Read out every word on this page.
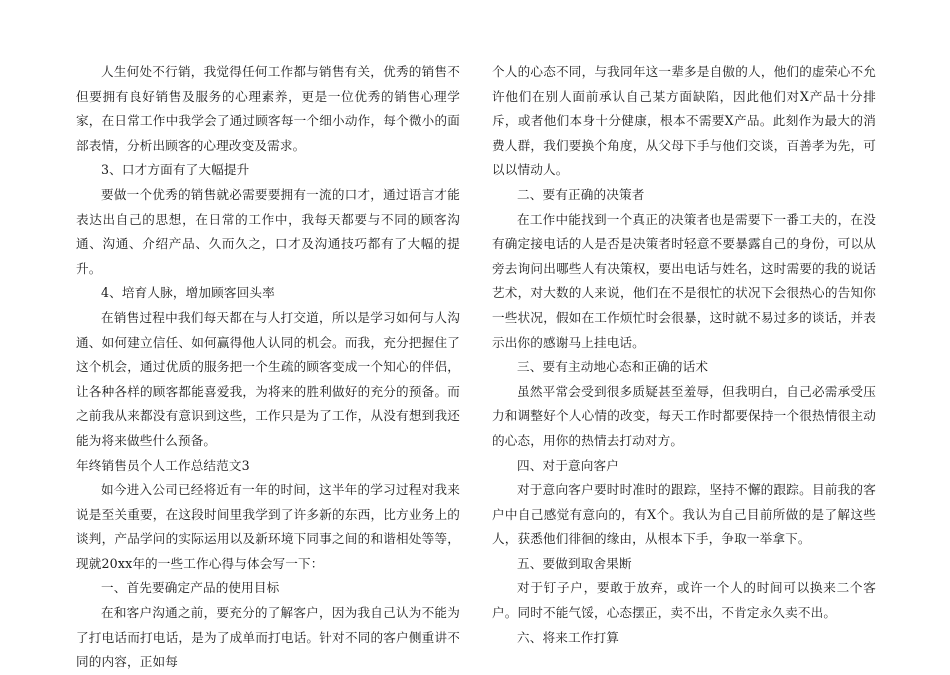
人生何处不行销，我觉得任何工作都与销售有关，优秀的销售不但要拥有良好销售及服务的心理素养，更是一位优秀的销售心理学家，在日常工作中我学会了通过顾客每一个细小动作，每个微小的面部表情，分析出顾客的心理改变及需求。

3、口才方面有了大幅提升

要做一个优秀的销售就必需要要拥有一流的口才，通过语言才能表达出自己的思想，在日常的工作中，我每天都要与不同的顾客沟通、沟通、介绍产品、久而久之，口才及沟通技巧都有了大幅的提升。

4、培育人脉，增加顾客回头率

在销售过程中我们每天都在与人打交道，所以是学习如何与人沟通、如何建立信任、如何赢得他人认同的机会。而我，充分把握住了这个机会，通过优质的服务把一个生疏的顾客变成一个知心的伴侣，让各种各样的顾客都能喜爱我，为将来的胜利做好的充分的预备。而之前我从来都没有意识到这些，工作只是为了工作，从没有想到我还能为将来做些什么预备。

年终销售员个人工作总结范文3

如今进入公司已经将近有一年的时间，这半年的学习过程对我来说是至关重要，在这段时间里我学到了许多新的东西，比方业务上的谈判，产品学问的实际运用以及新环境下同事之间的和谐相处等等，现就20xx年的一些工作心得与体会写一下：

一、首先要确定产品的使用目标

在和客户沟通之前，要充分的了解客户，因为我自己认为不能为了打电话而打电话，是为了成单而打电话。针对不同的客户侧重讲不同的内容，正如每

个人的心态不同，与我同年这一辈多是自傲的人，他们的虚荣心不允许他们在别人面前承认自己某方面缺陷，因此他们对X产品十分排斥，或者他们本身十分健康，根本不需要X产品。此刻作为最大的消费人群，我们要换个角度，从父母下手与他们交谈，百善孝为先，可以以情动人。

二、要有正确的决策者

在工作中能找到一个真正的决策者也是需要下一番工夫的，在没有确定接电话的人是否是决策者时轻意不要暴露自己的身份，可以从旁去询问出哪些人有决策权，要出电话与姓名，这时需要的我的说话艺术，对大数的人来说，他们在不是很忙的状况下会很热心的告知你一些状况，假如在工作烦忙时会很暴，这时就不易过多的谈话，并表示出你的感谢马上挂电话。

三、要有主动地心态和正确的话术

虽然平常会受到很多质疑甚至羞辱，但我明白，自己必需承受压力和调整好个人心情的改变，每天工作时都要保持一个很热情很主动的心态，用你的热情去打动对方。

四、对于意向客户

对于意向客户要时时准时的跟踪，坚持不懈的跟踪。目前我的客户中自己感觉有意向的，有X个。我认为自己目前所做的是了解这些人，获悉他们徘徊的缘由，从根本下手，争取一举拿下。

五、要做到取舍果断

对于钉子户，要敢于放弃，或许一个人的时间可以换来二个客户。同时不能气馁，心态摆正，卖不出，不肯定永久卖不出。

六、将来工作打算
